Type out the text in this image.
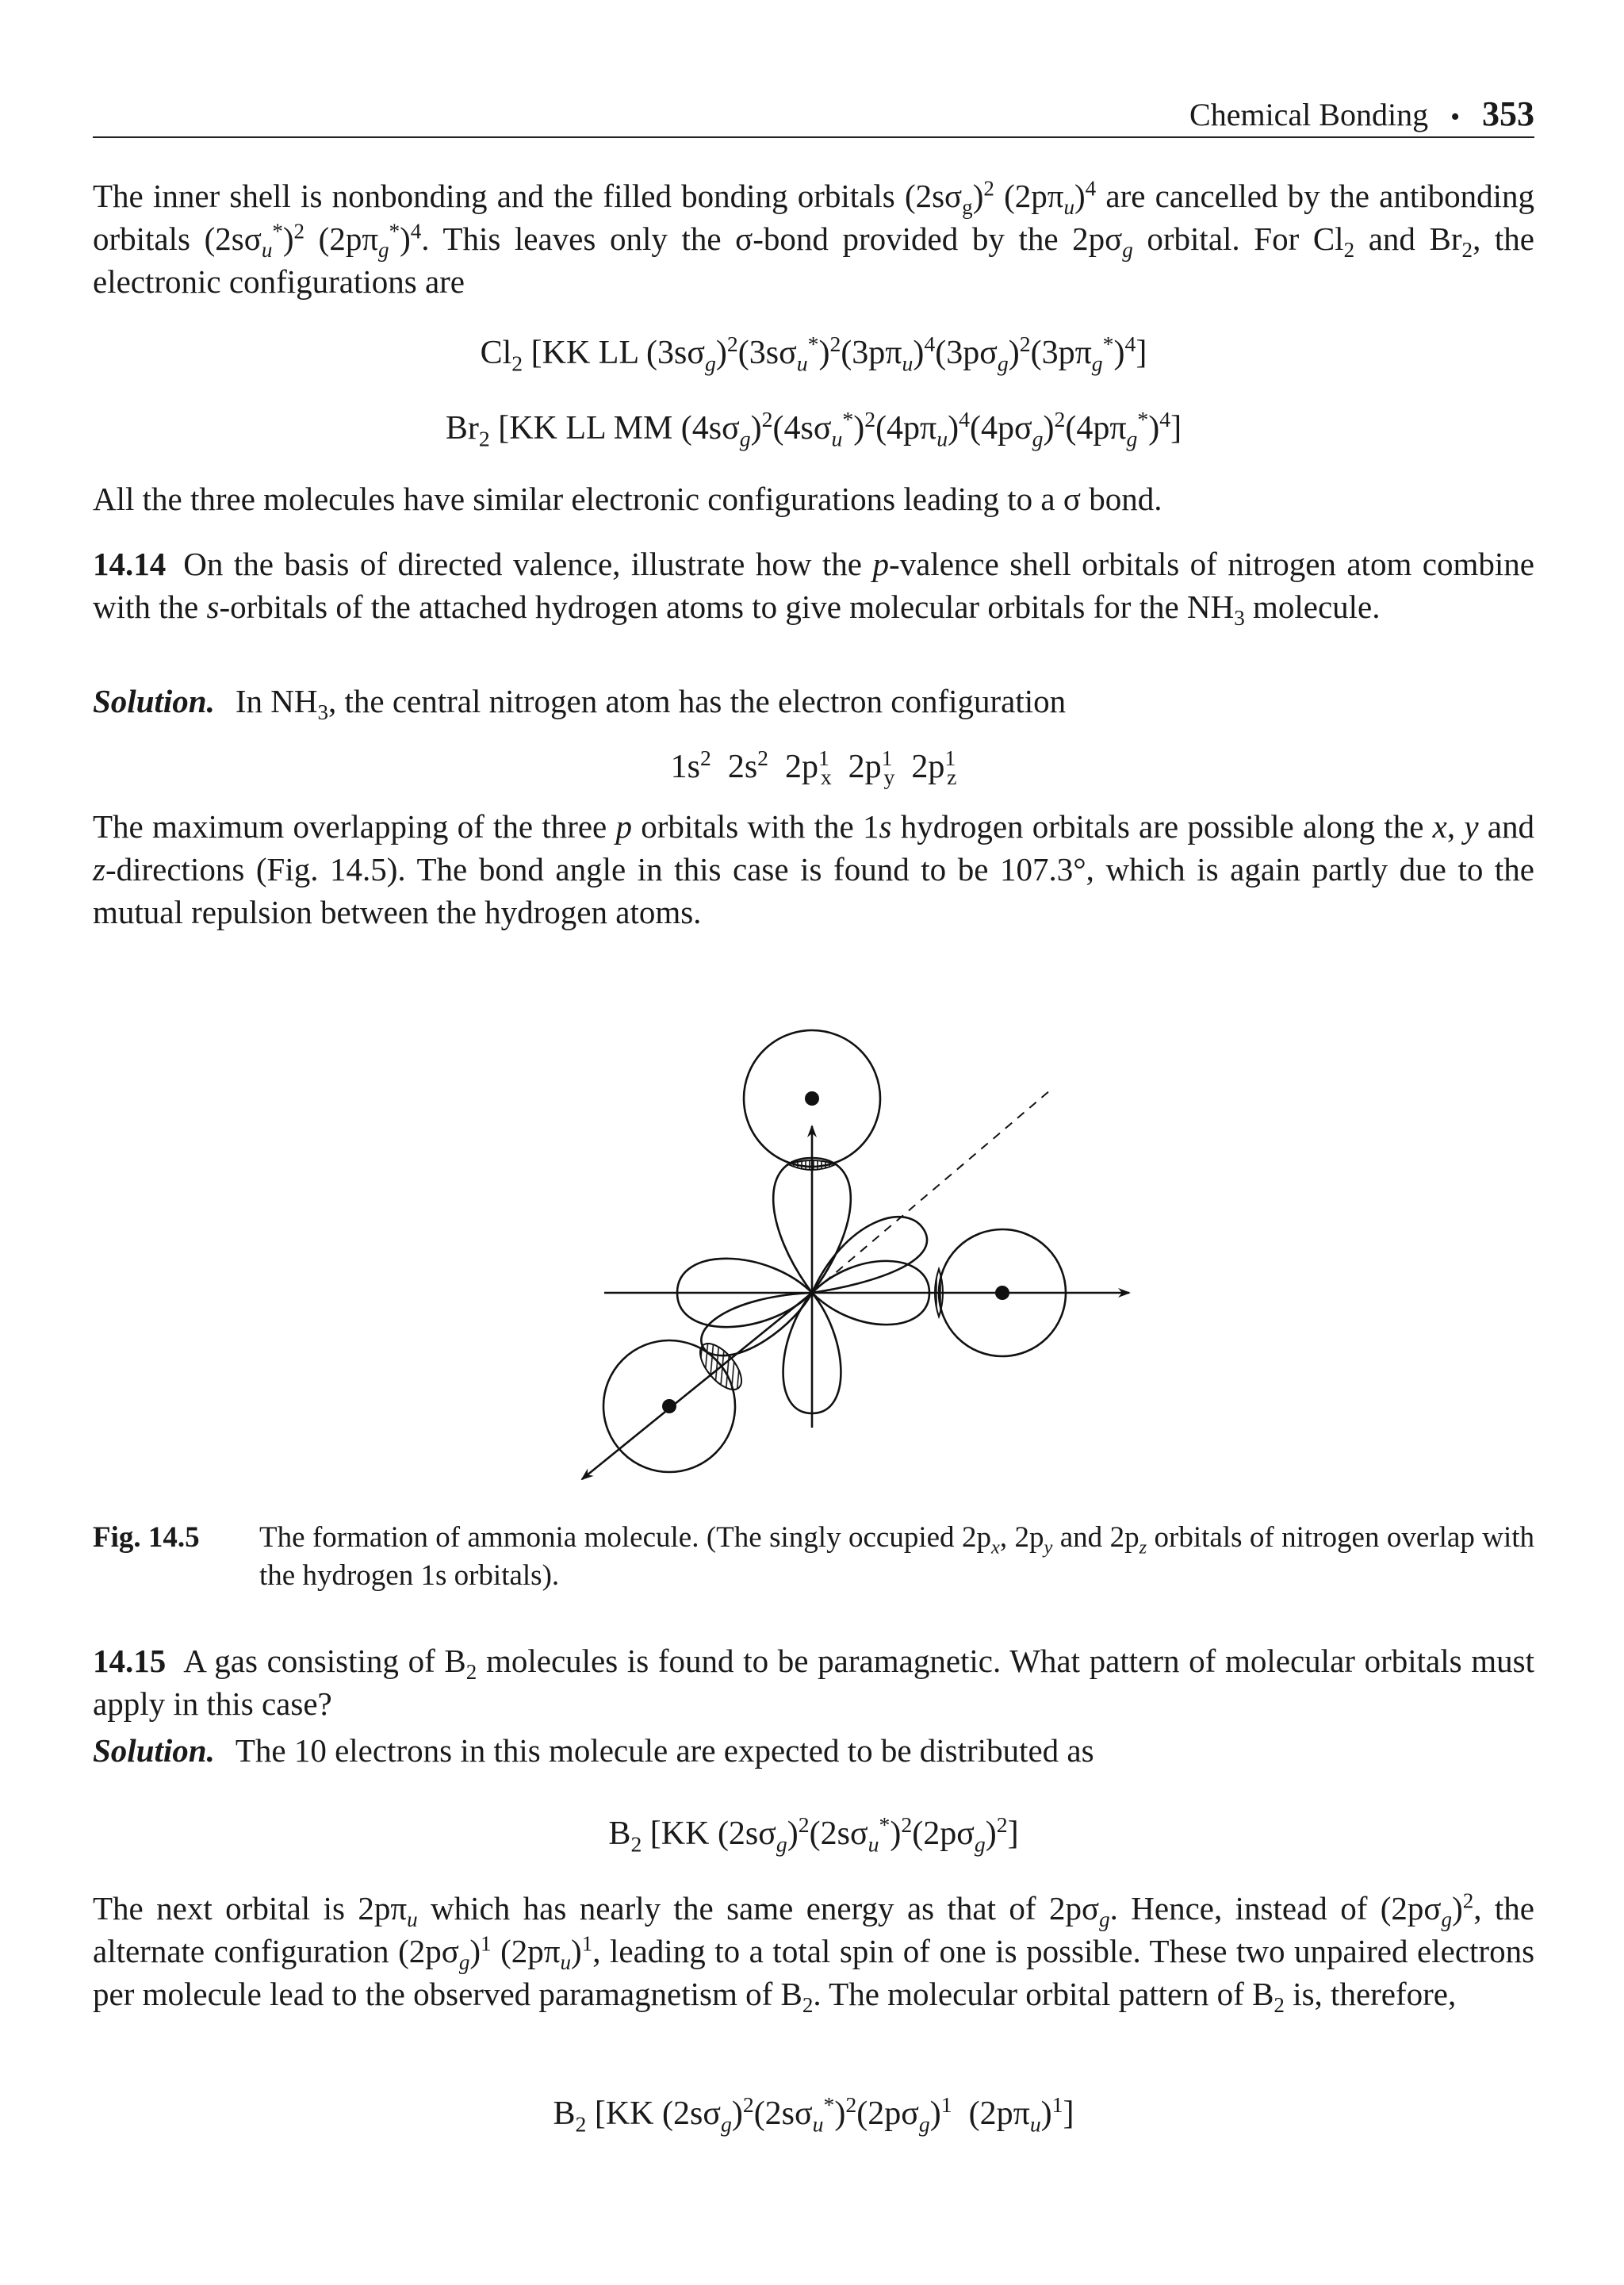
Chemical Bonding • 353
The inner shell is nonbonding and the filled bonding orbitals $(2s\sigma_g)^2$ $(2p\pi_u)^4$ are cancelled by the antibonding orbitals $(2s\sigma_u^*)^2$ $(2p\pi_g^*)^4$. This leaves only the σ-bond provided by the $2p\sigma_g$ orbital. For $Cl_2$ and $Br_2$, the electronic configurations are
$Cl_2$ [KK LL $(3s\sigma_g)^2(3s\sigma_u^*)^2(3p\pi_u)^4(3p\sigma_g)^2(3p\pi_g^*)^4$]
$Br_2$ [KK LL MM $(4s\sigma_g)^2(4s\sigma_u^*)^2(4p\pi_u)^4(4p\sigma_g)^2(4p\pi_g^*)^4$]
All the three molecules have similar electronic configurations leading to a σ bond.
14.14 On the basis of directed valence, illustrate how the p-valence shell orbitals of nitrogen atom combine with the s-orbitals of the attached hydrogen atoms to give molecular orbitals for the $NH_3$ molecule.
Solution. In $NH_3$, the central nitrogen atom has the electron configuration
$1s^2$ $2s^2$ $2p^1_x$ $2p^1_y$ $2p^1_z$
The maximum overlapping of the three p orbitals with the 1s hydrogen orbitals are possible along the x, y and z-directions (Fig. 14.5). The bond angle in this case is found to be 107.3°, which is again partly due to the mutual repulsion between the hydrogen atoms.
Fig. 14.5 The formation of ammonia molecule. (The singly occupied $2p_x$, $2p_y$ and $2p_z$ orbitals of nitrogen overlap with the hydrogen 1s orbitals).
14.15 A gas consisting of $B_2$ molecules is found to be paramagnetic. What pattern of molecular orbitals must apply in this case?
Solution. The 10 electrons in this molecule are expected to be distributed as
$B_2$ [KK $(2s\sigma_g)^2(2s\sigma_u^*)^2(2p\sigma_g)^2$]
The next orbital is $2p\pi_u$ which has nearly the same energy as that of $2p\sigma_g$. Hence, instead of $(2p\sigma_g)^2$, the alternate configuration $(2p\sigma_g)^1$ $(2p\pi_u)^1$, leading to a total spin of one is possible. These two unpaired electrons per molecule lead to the observed paramagnetism of $B_2$. The molecular orbital pattern of $B_2$ is, therefore,
$B_2$ [KK $(2s\sigma_g)^2(2s\sigma_u^*)^2(2p\sigma_g)^1$ $(2p\pi_u)^1$]
